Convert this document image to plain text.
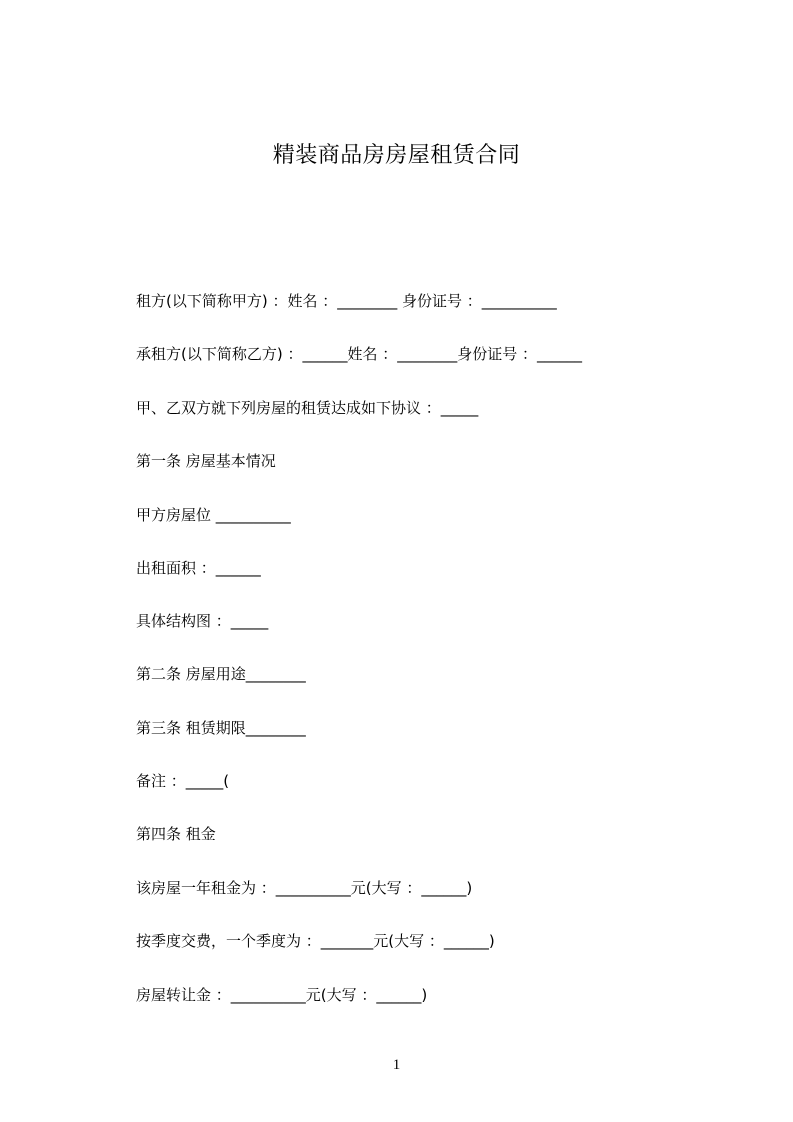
精装商品房房屋租赁合同
租方(以下简称甲方) ：姓名 ：________ 身份证号 ：__________
承租方(以下简称乙方) ：______姓名 ：________身份证号 ：______
甲、乙双方就下列房屋的租赁达成如下协议 ：_____
第一条 房屋基本情况
甲方房屋位 __________
出租面积 ：______
具体结构图 ：_____
第二条 房屋用途________
第三条 租赁期限________
备注 ：_____(
第四条 租金
该房屋一年租金为 ：__________元(大写 ：______)
按季度交费，一个季度为 ：_______元(大写 ：______)
房屋转让金 ：__________元(大写 ：______)
1
